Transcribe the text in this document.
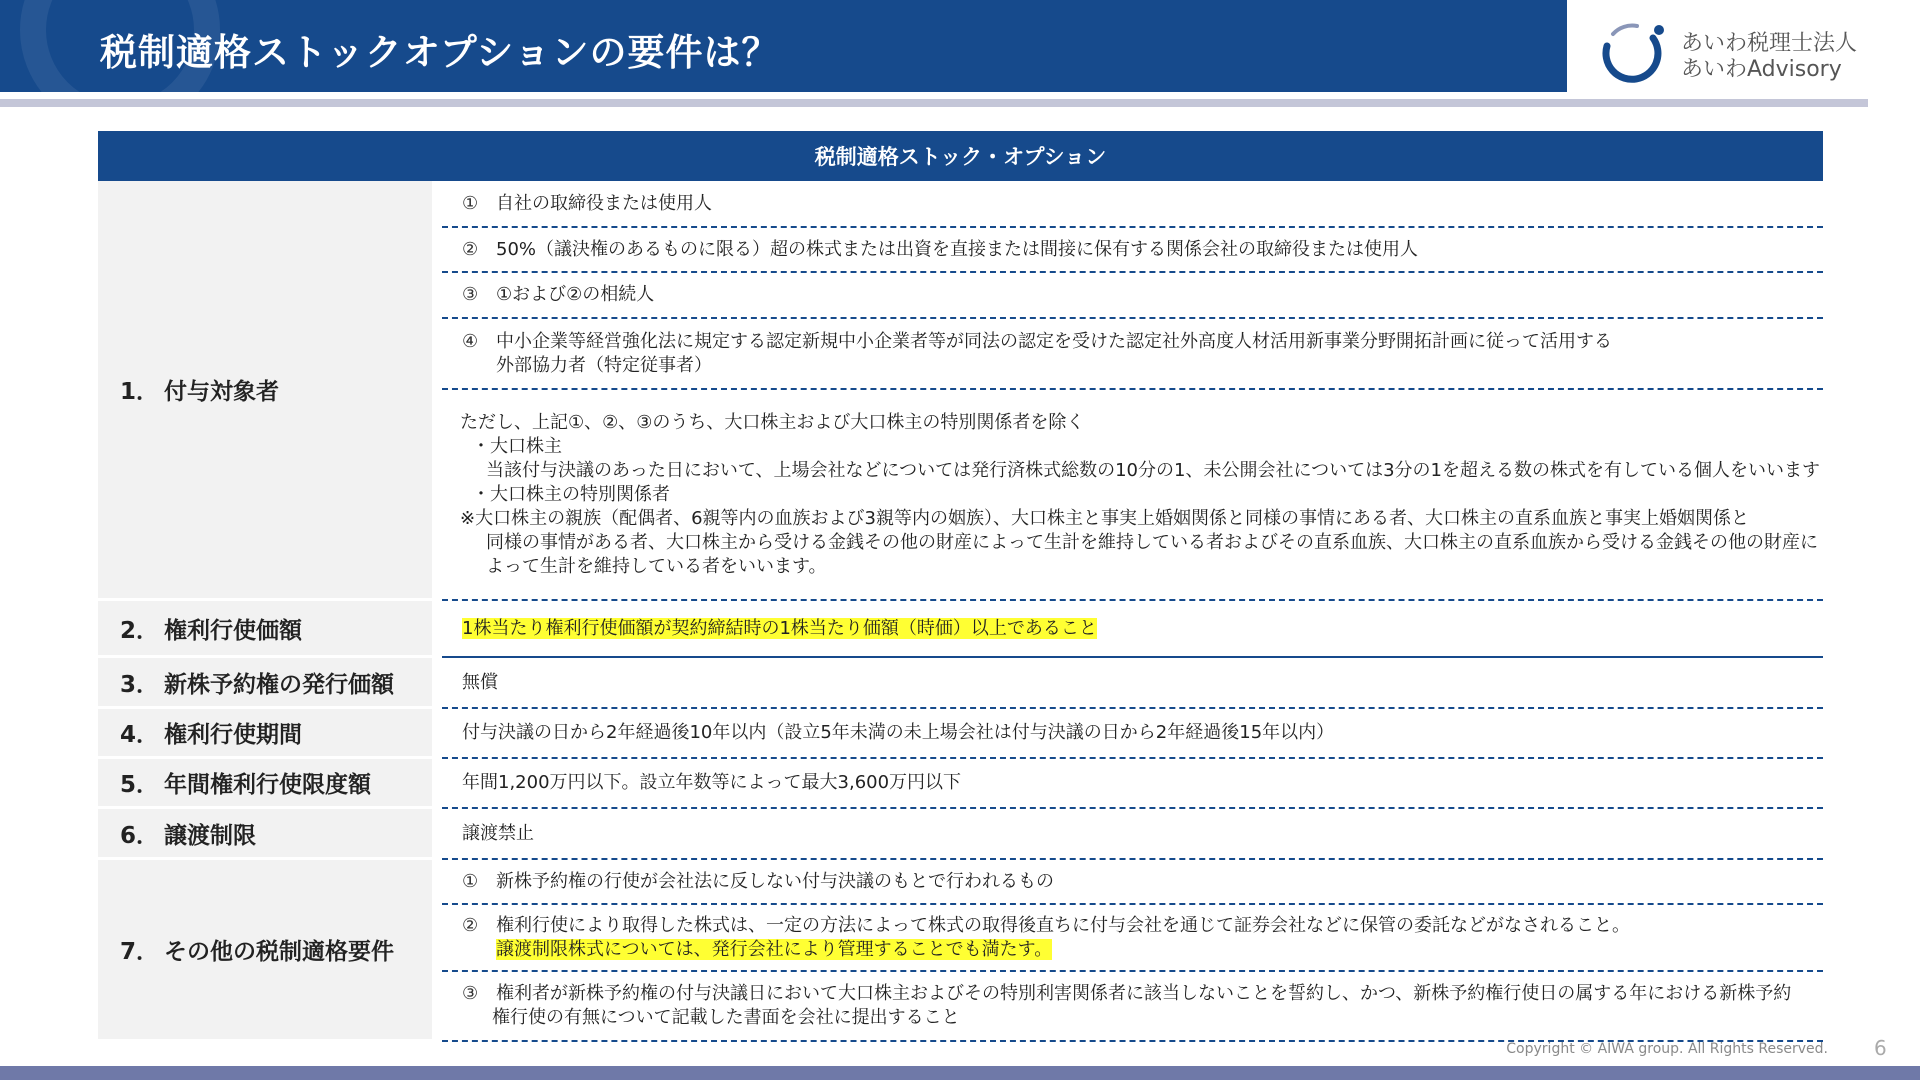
税制適格ストックオプションの要件は？	あいわ税理士法人
あいわAdvisory
税制適格ストック・オプション
1． 付与対象者
① 自社の取締役または使用人
② 50%（議決権のあるものに限る）超の株式または出資を直接または間接に保有する関係会社の取締役または使用人
③ ①および②の相続人
④ 中小企業等経営強化法に規定する認定新規中小企業者等が同法の認定を受けた認定社外高度人材活用新事業分野開拓計画に従って活用する
外部協力者（特定従事者）
ただし、上記①、②、③のうち、大口株主および大口株主の特別関係者を除く
・大口株主
当該付与決議のあった日において、上場会社などについては発行済株式総数の10分の1、未公開会社については3分の1を超える数の株式を有している個人をいいます
・大口株主の特別関係者
※大口株主の親族（配偶者、6親等内の血族および3親等内の姻族）、大口株主と事実上婚姻関係と同様の事情にある者、大口株主の直系血族と事実上婚姻関係と
同様の事情がある者、大口株主から受ける金銭その他の財産によって生計を維持している者およびその直系血族、大口株主の直系血族から受ける金銭その他の財産に
よって生計を維持している者をいいます。
2． 権利行使価額	1株当たり権利行使価額が契約締結時の1株当たり価額（時価）以上であること
3． 新株予約権の発行価額	無償
4． 権利行使期間	付与決議の日から2年経過後10年以内（設立5年未満の未上場会社は付与決議の日から2年経過後15年以内）
5． 年間権利行使限度額	年間1,200万円以下。設立年数等によって最大3,600万円以下
6． 譲渡制限	譲渡禁止
7． その他の税制適格要件
① 新株予約権の行使が会社法に反しない付与決議のもとで行われるもの
② 権利行使により取得した株式は、一定の方法によって株式の取得後直ちに付与会社を通じて証券会社などに保管の委託などがなされること。
譲渡制限株式については、発行会社により管理することでも満たす。
③ 権利者が新株予約権の付与決議日において大口株主およびその特別利害関係者に該当しないことを誓約し、かつ、新株予約権行使日の属する年における新株予約
権行使の有無について記載した書面を会社に提出すること
Copyright © AIWA group. All Rights Reserved. 6
